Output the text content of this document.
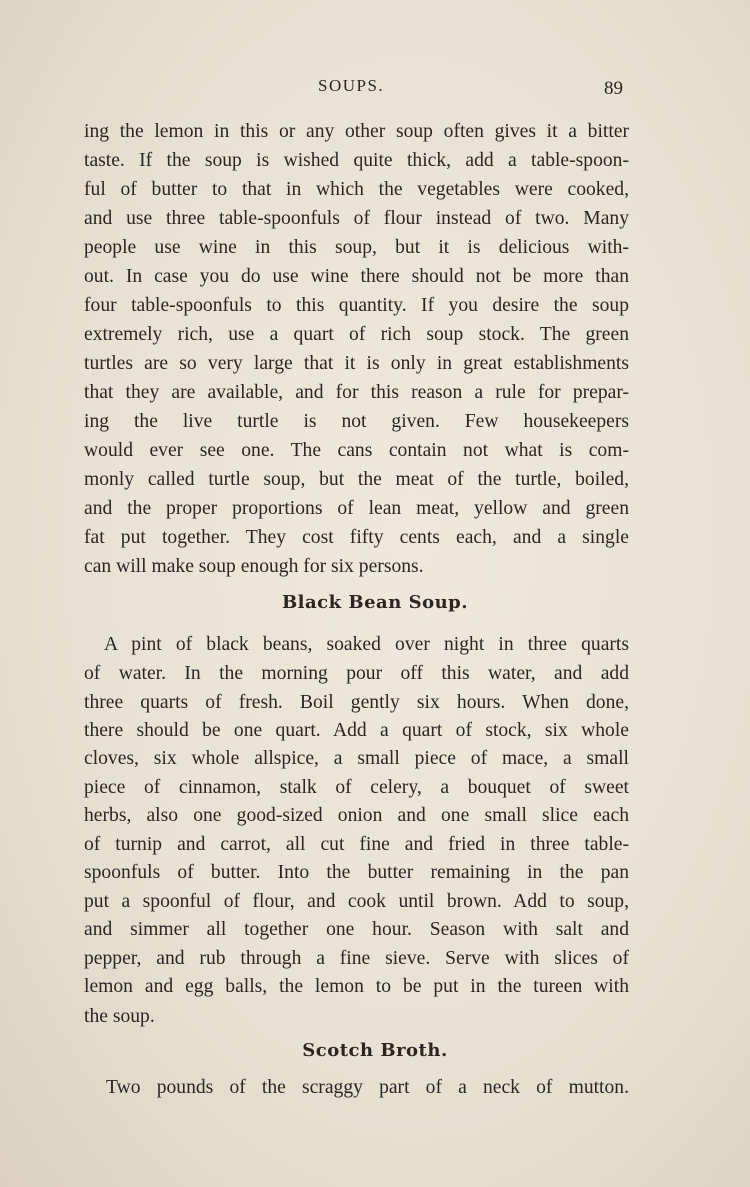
SOUPS.	89
ing the lemon in this or any other soup often gives it a bitter
taste. If the soup is wished quite thick, add a table-spoon-
ful of butter to that in which the vegetables were cooked,
and use three table-spoonfuls of flour instead of two. Many
people use wine in this soup, but it is delicious with-
out. In case you do use wine there should not be more than
four table-spoonfuls to this quantity. If you desire the soup
extremely rich, use a quart of rich soup stock. The green
turtles are so very large that it is only in great establishments
that they are available, and for this reason a rule for prepar-
ing the live turtle is not given. Few housekeepers
would ever see one. The cans contain not what is com-
monly called turtle soup, but the meat of the turtle, boiled,
and the proper proportions of lean meat, yellow and green
fat put together. They cost fifty cents each, and a single
can will make soup enough for six persons.
Black Bean Soup.
A pint of black beans, soaked over night in three quarts
of water. In the morning pour off this water, and add
three quarts of fresh. Boil gently six hours. When done,
there should be one quart. Add a quart of stock, six whole
cloves, six whole allspice, a small piece of mace, a small
piece of cinnamon, stalk of celery, a bouquet of sweet
herbs, also one good-sized onion and one small slice each
of turnip and carrot, all cut fine and fried in three table-
spoonfuls of butter. Into the butter remaining in the pan
put a spoonful of flour, and cook until brown. Add to soup,
and simmer all together one hour. Season with salt and
pepper, and rub through a fine sieve. Serve with slices of
lemon and egg balls, the lemon to be put in the tureen with
the soup.
Scotch Broth.
Two pounds of the scraggy part of a neck of mutton.
